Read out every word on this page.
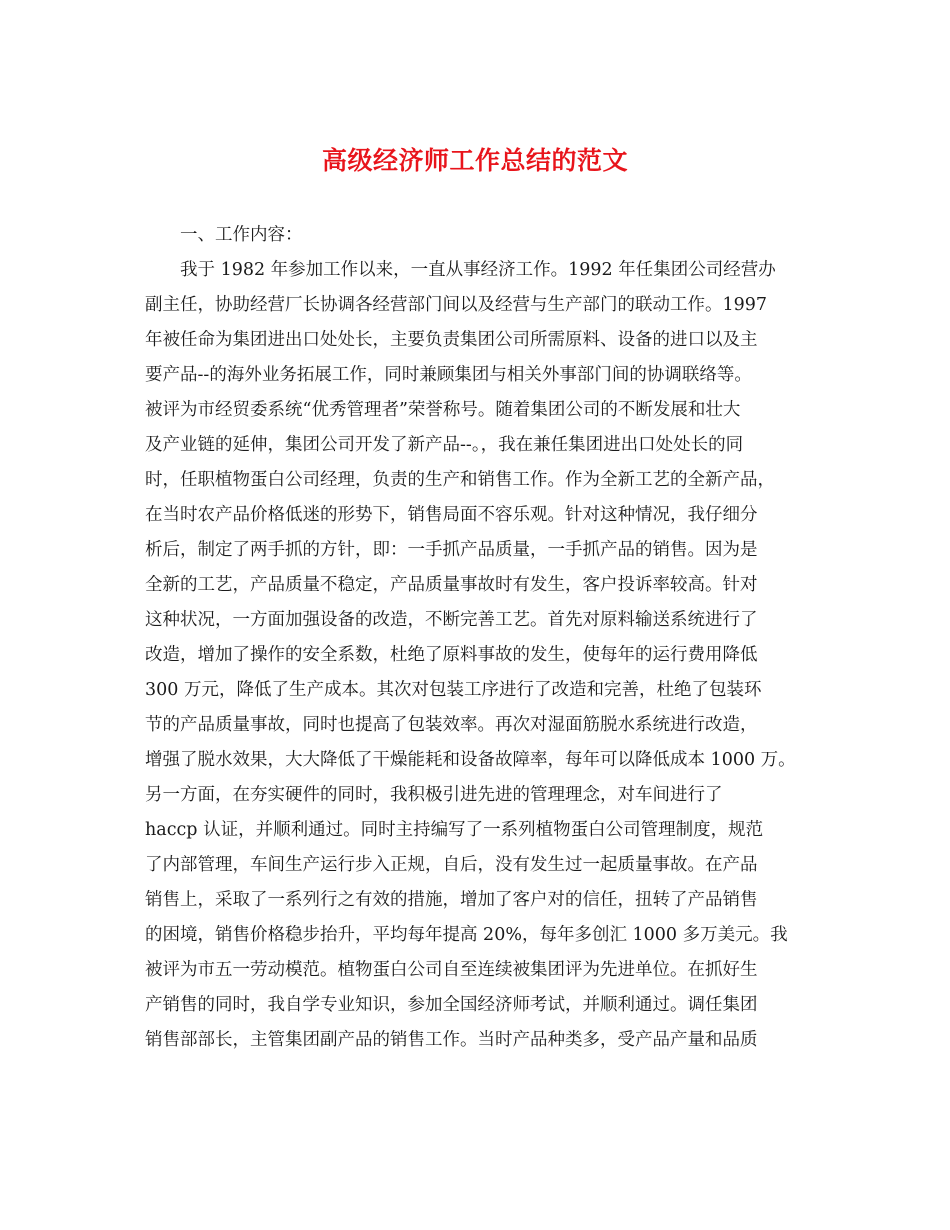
高级经济师工作总结的范文
一、工作内容：
我于 1982 年参加工作以来，一直从事经济工作。1992 年任集团公司经营办
副主任，协助经营厂长协调各经营部门间以及经营与生产部门的联动工作。1997
年被任命为集团进出口处处长，主要负责集团公司所需原料、设备的进口以及主
要产品--的海外业务拓展工作，同时兼顾集团与相关外事部门间的协调联络等。
被评为市经贸委系统“优秀管理者”荣誉称号。随着集团公司的不断发展和壮大
及产业链的延伸，集团公司开发了新产品--。，我在兼任集团进出口处处长的同
时，任职植物蛋白公司经理，负责的生产和销售工作。作为全新工艺的全新产品，
在当时农产品价格低迷的形势下，销售局面不容乐观。针对这种情况，我仔细分
析后，制定了两手抓的方针，即：一手抓产品质量，一手抓产品的销售。因为是
全新的工艺，产品质量不稳定，产品质量事故时有发生，客户投诉率较高。针对
这种状况，一方面加强设备的改造，不断完善工艺。首先对原料输送系统进行了
改造，增加了操作的安全系数，杜绝了原料事故的发生，使每年的运行费用降低
300 万元，降低了生产成本。其次对包装工序进行了改造和完善，杜绝了包装环
节的产品质量事故，同时也提高了包装效率。再次对湿面筋脱水系统进行改造，
增强了脱水效果，大大降低了干燥能耗和设备故障率，每年可以降低成本 1000 万。
另一方面，在夯实硬件的同时，我积极引进先进的管理理念，对车间进行了
haccp 认证，并顺利通过。同时主持编写了一系列植物蛋白公司管理制度，规范
了内部管理，车间生产运行步入正规，自后，没有发生过一起质量事故。在产品
销售上，采取了一系列行之有效的措施，增加了客户对的信任，扭转了产品销售
的困境，销售价格稳步抬升，平均每年提高 20%，每年多创汇 1000 多万美元。我
被评为市五一劳动模范。植物蛋白公司自至连续被集团评为先进单位。在抓好生
产销售的同时，我自学专业知识，参加全国经济师考试，并顺利通过。调任集团
销售部部长，主管集团副产品的销售工作。当时产品种类多，受产品产量和品质
